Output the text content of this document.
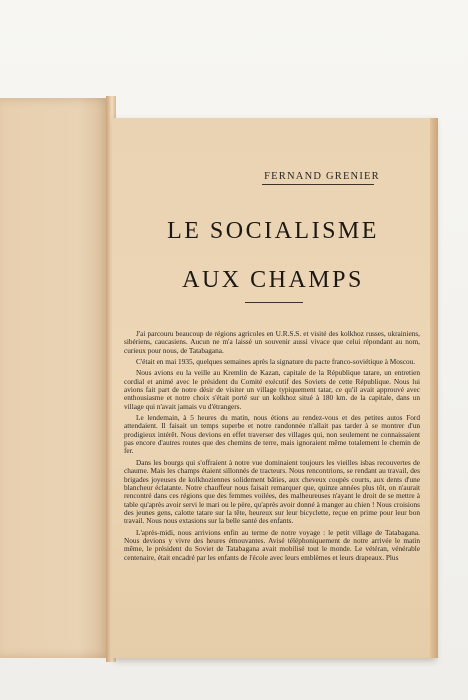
FERNAND GRENIER

LE SOCIALISME
AUX CHAMPS

J'ai parcouru beaucoup de régions agricoles en U.R.S.S. et visité des kolkhoz russes, ukrainiens, sibériens, caucasiens. Aucun ne m'a laissé un souvenir aussi vivace que celui répondant au nom, curieux pour nous, de Tatabagana.

C'était en mai 1935, quelques semaines après la signature du pacte franco-soviétique à Moscou.

Nous avions eu la veille au Kremlin de Kazan, capitale de la République tatare, un entretien cordial et animé avec le président du Comité exécutif des Soviets de cette République. Nous lui avions fait part de notre désir de visiter un village typiquement tatar, ce qu'il avait approuvé avec enthousiasme et notre choix s'était porté sur un kolkhoz situé à 180 km. de la capitale, dans un village qui n'avait jamais vu d'étrangers.

Le lendemain, à 5 heures du matin, nous étions au rendez-vous et des petites autos Ford attendaient. Il faisait un temps superbe et notre randonnée n'allait pas tarder à se montrer d'un prodigieux intérêt. Nous devions en effet traverser des villages qui, non seulement ne connaissaient pas encore d'autres routes que des chemins de terre, mais ignoraient même totalement le chemin de fer.

Dans les bourgs qui s'offraient à notre vue dominaient toujours les vieilles isbas recouvertes de chaume. Mais les champs étaient sillonnés de tracteurs. Nous rencontrions, se rendant au travail, des brigades joyeuses de kolkhoziennes solidement bâties, aux cheveux coupés courts, aux dents d'une blancheur éclatante. Notre chauffeur nous faisait remarquer que, quinze années plus tôt, on n'aurait rencontré dans ces régions que des femmes voilées, des malheureuses n'ayant le droit de se mettre à table qu'après avoir servi le mari ou le père, qu'après avoir donné à manger au chien ! Nous croisions des jeunes gens, calotte tatare sur la tête, heureux sur leur bicyclette, reçue en prime pour leur bon travail. Nous nous extasions sur la belle santé des enfants.

L'après-midi, nous arrivions enfin au terme de notre voyage : le petit village de Tatabagana. Nous devions y vivre des heures émouvantes. Avisé téléphoniquement de notre arrivée le matin même, le président du Soviet de Tatabagana avait mobilisé tout le monde. Le vétéran, vénérable centenaire, était encadré par les enfants de l'école avec leurs emblèmes et leurs drapeaux. Plus
